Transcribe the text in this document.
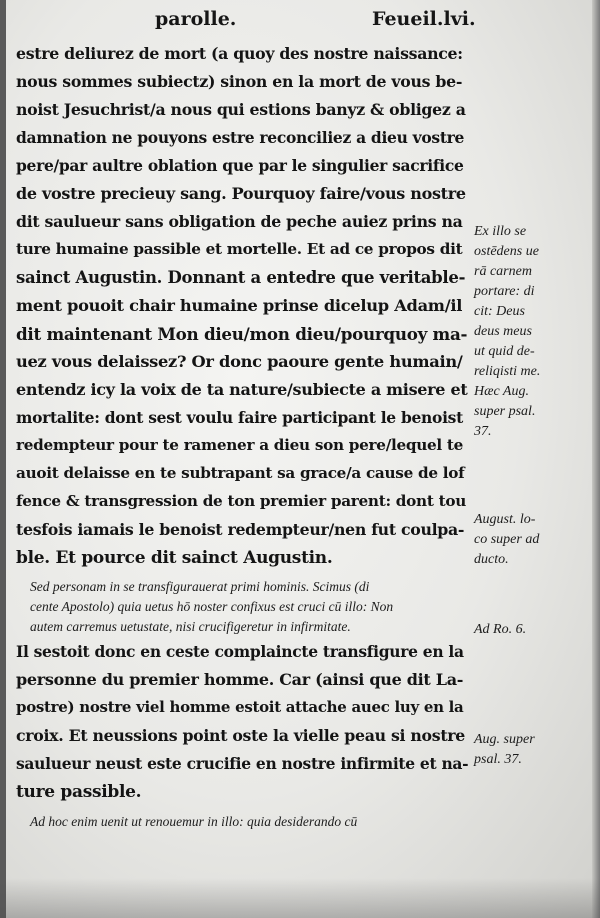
parolle.	Feueil.lvi.
estre deliurez de mort (a quoy des nostre naissance:
nous sommes subiectz) sinon en la mort de vous be-
noist Jesuchrist/a nous qui estions banyz & obligez a
damnation ne pouyons estre reconciliez a dieu vostre
pere/par aultre oblation que par le singulier sacrifice
de vostre precieuy sang. Pourquoy faire/vous nostre
dit saulueur sans obligation de peche auiez prins na
ture humaine passible et mortelle. Et ad ce propos dit
sainct Augustin. Donnant a entedre que veritable-
ment pouoit chair humaine prinse dicelup Adam/il
dit maintenant Mon dieu/mon dieu/pourquoy ma-
uez vous delaissez? Or donc paoure gente humain/
entendz icy la voix de ta nature/subiecte a misere et
mortalite: dont sest voulu faire participant le benoist
redempteur pour te ramener a dieu son pere/lequel te
auoit delaisse en te subtrapant sa grace/a cause de lof
fence & transgression de ton premier parent: dont tou
tesfois iamais le benoist redempteur/nen fut coulpa-
ble. Et pource dit sainct Augustin.
Sed personam in se transfigurauerat primi hominis. Scimus (di
cente Apostolo) quia uetus hō noster confixus est cruci cū illo: Non
autem carremus uetustate, nisi crucifigeretur in infirmitate.
Il sestoit donc en ceste complaincte transfigure en la
personne du premier homme. Car (ainsi que dit La-
postre) nostre viel homme estoit attache auec luy en la
croix. Et neussions point oste la vielle peau si nostre
saulueur neust este crucifie en nostre infirmite et na-
ture passible.
Ad hoc enim uenit ut renouemur in illo: quia desiderando cū
Ex illo se
ostēdens ue
rā carnem
portare: di
cit: Deus
deus meus
ut quid de-
reliqisti me.
Hæc Aug.
super psal.
37.
August. lo-
co super ad
ducto.
Ad Ro. 6.
Aug. super
psal. 37.
